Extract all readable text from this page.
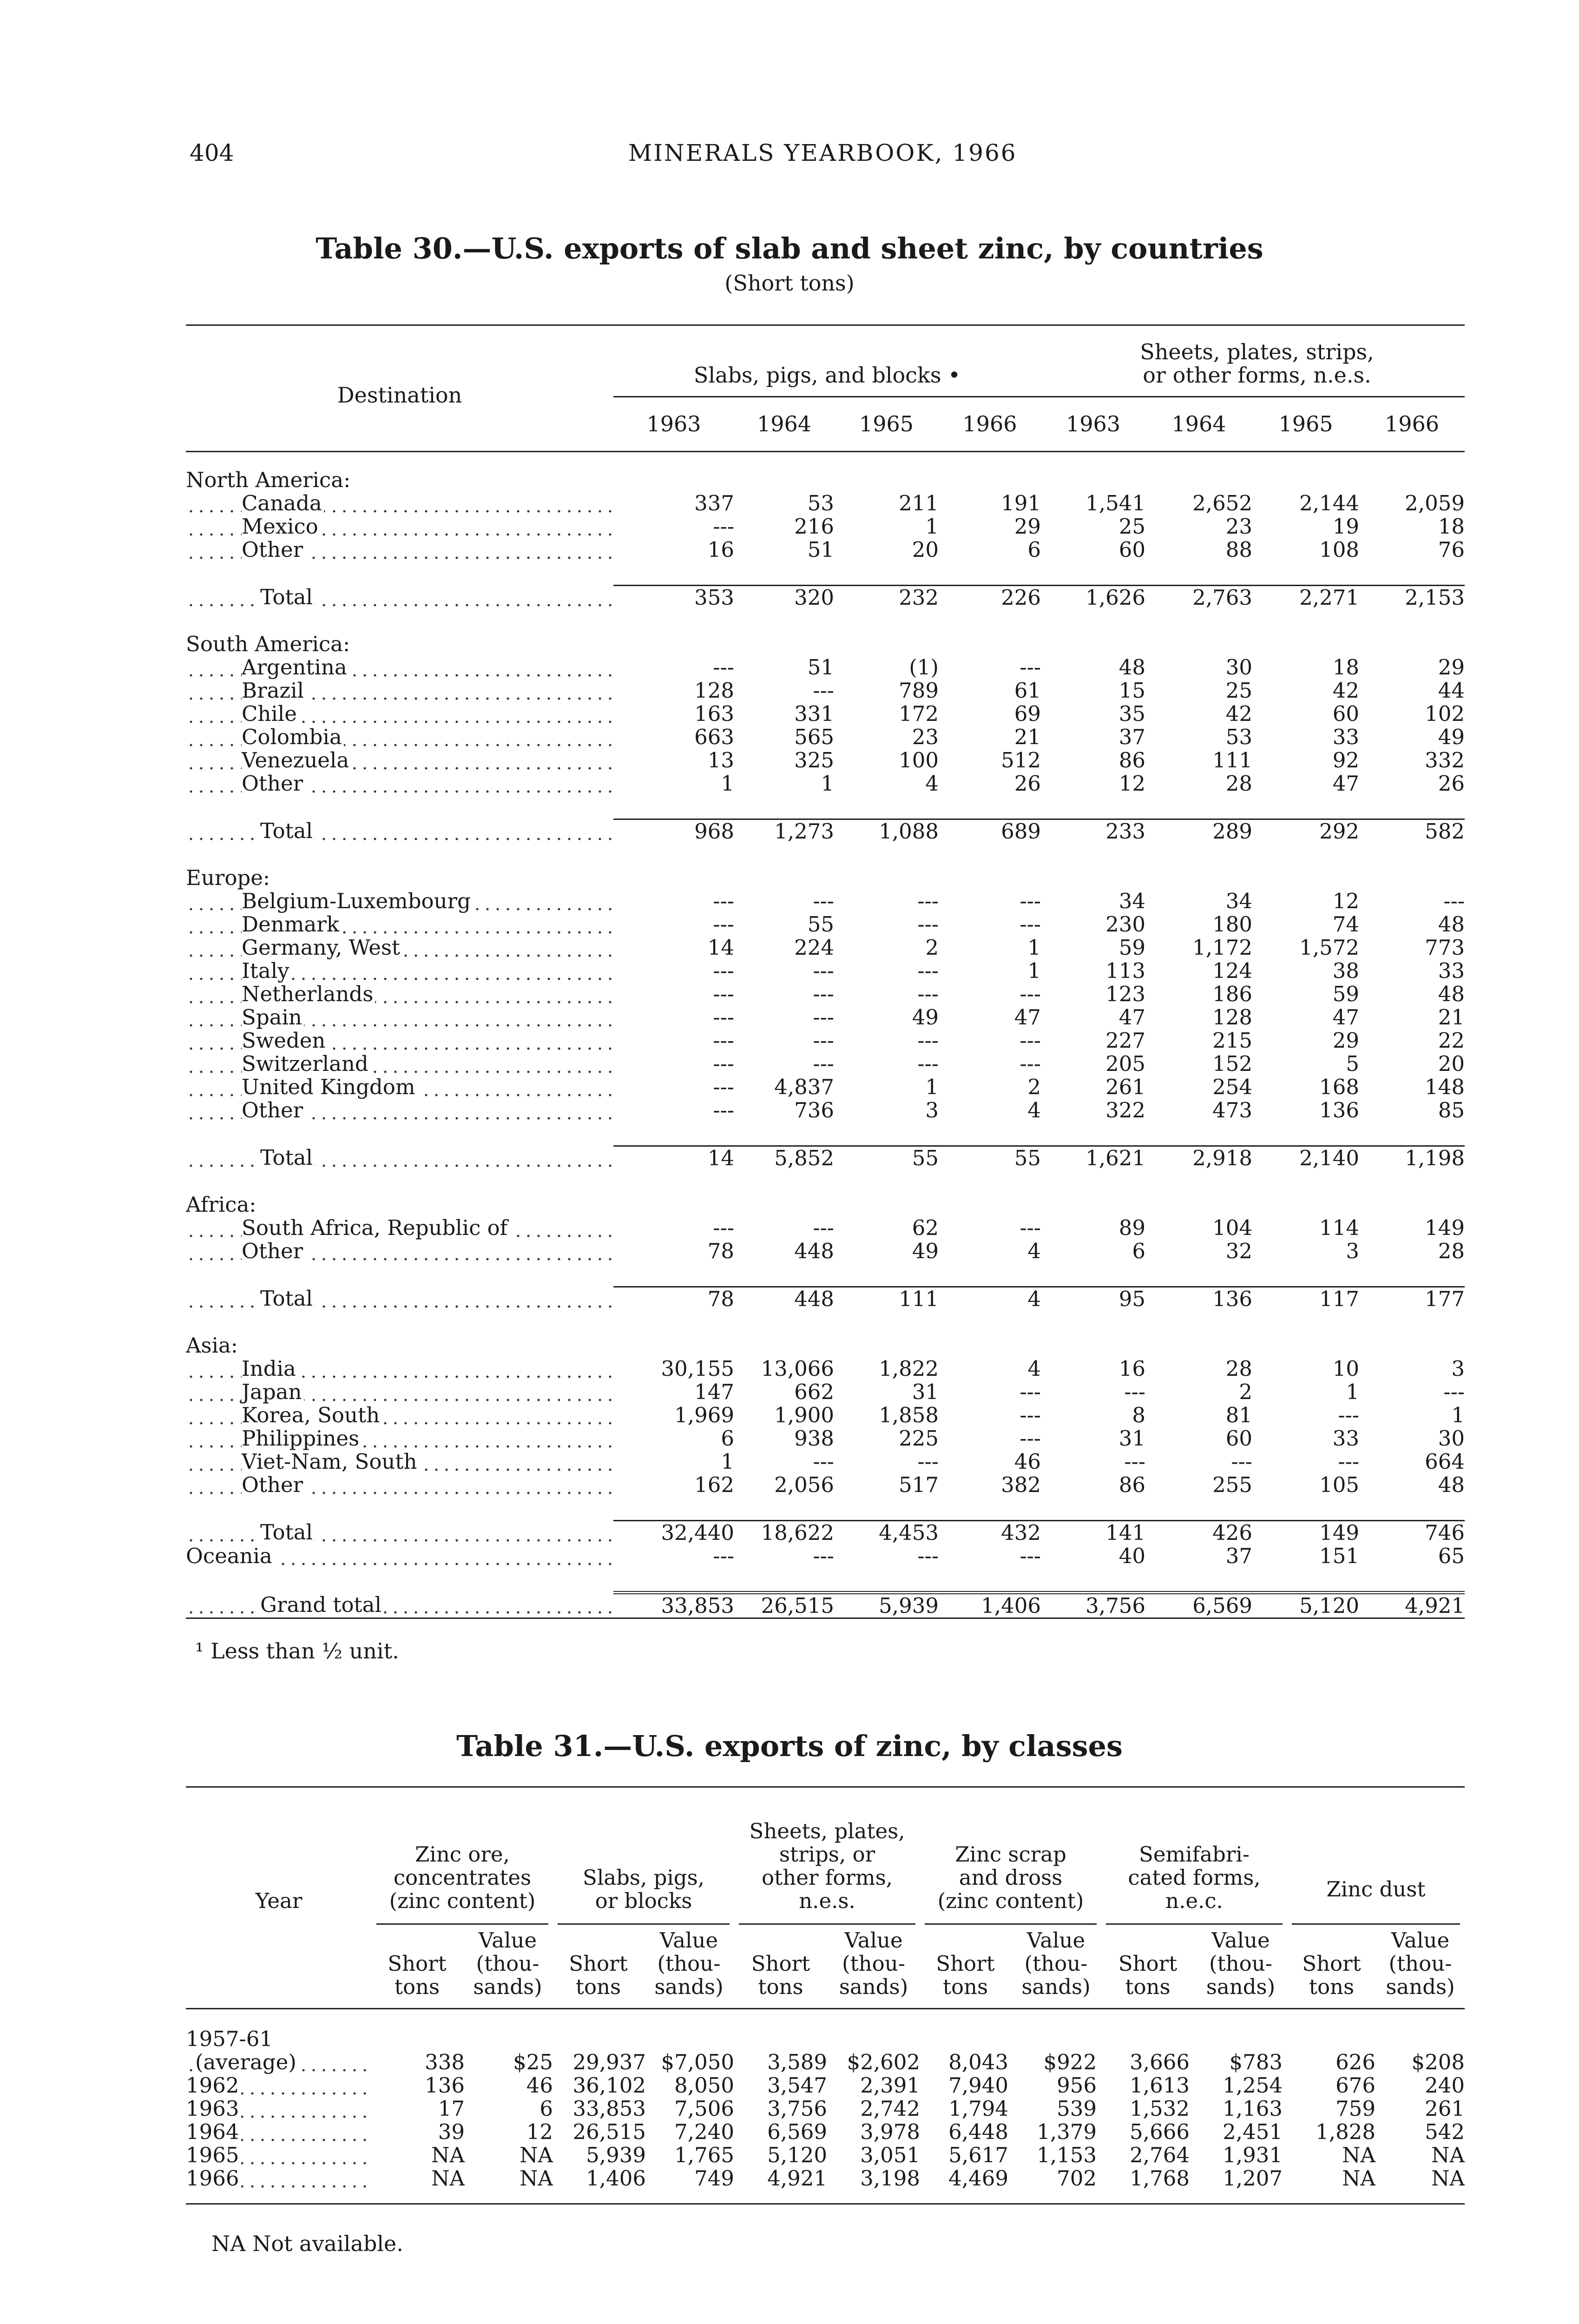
404	MINERALS YEARBOOK, 1966
Table 30.—U.S. exports of slab and sheet zinc, by countries
(Short tons)
Destination
Slabs, pigs, and blocks •
Sheets, plates, strips,
or other forms, n.e.s.
1963	1964	1965	1966	1963	1964	1965	1966
North America:								
Canada	337	53	211	191	1,541	2,652	2,144	2,059
Mexico	---	216	1	29	25	23	19	18
Other	16	51	20	6	60	88	108	76

Total	353	320	232	226	1,626	2,763	2,271	2,153

South America:								
Argentina	---	51	(1)	---	48	30	18	29
Brazil	128	---	789	61	15	25	42	44
Chile	163	331	172	69	35	42	60	102
Colombia	663	565	23	21	37	53	33	49
Venezuela	13	325	100	512	86	111	92	332
Other	1	1	4	26	12	28	47	26

Total	968	1,273	1,088	689	233	289	292	582

Europe:								
Belgium-Luxembourg	---	---	---	---	34	34	12	---
Denmark	---	55	---	---	230	180	74	48
Germany, West	14	224	2	1	59	1,172	1,572	773
Italy	---	---	---	1	113	124	38	33
Netherlands	---	---	---	---	123	186	59	48
Spain	---	---	49	47	47	128	47	21
Sweden	---	---	---	---	227	215	29	22
Switzerland	---	---	---	---	205	152	5	20
United Kingdom	---	4,837	1	2	261	254	168	148
Other	---	736	3	4	322	473	136	85

Total	14	5,852	55	55	1,621	2,918	2,140	1,198

Africa:								
South Africa, Republic of	---	---	62	---	89	104	114	149
Other	78	448	49	4	6	32	3	28

Total	78	448	111	4	95	136	117	177

Asia:								
India	30,155	13,066	1,822	4	16	28	10	3
Japan	147	662	31	---	---	2	1	---
Korea, South	1,969	1,900	1,858	---	8	81	---	1
Philippines	6	938	225	---	31	60	33	30
Viet-Nam, South	1	---	---	46	---	---	---	664
Other	162	2,056	517	382	86	255	105	48

Total	32,440	18,622	4,453	432	141	426	149	746
Oceania	---	---	---	---	40	37	151	65

Grand total	33,853	26,515	5,939	1,406	3,756	6,569	5,120	4,921
¹ Less than ½ unit.
Table 31.—U.S. exports of zinc, by classes
Year
Zinc ore,
concentrates
(zinc content)
Short
tons
Value
(thou-
sands)
Slabs, pigs,
or blocks
Short
tons
Value
(thou-
sands)
Sheets, plates,
strips, or
other forms,
n.e.s.
Short
tons
Value
(thou-
sands)
Zinc scrap
and dross
(zinc content)
Short
tons
Value
(thou-
sands)
Semifabri-
cated forms,
n.e.c.
Short
tons
Value
(thou-
sands)
Zinc dust
Short
tons
Value
(thou-
sands)
1957-61												
(average)	338	$25	29,937	$7,050	3,589	$2,602	8,043	$922	3,666	$783	626	$208
1962	136	46	36,102	8,050	3,547	2,391	7,940	956	1,613	1,254	676	240
1963	17	6	33,853	7,506	3,756	2,742	1,794	539	1,532	1,163	759	261
1964	39	12	26,515	7,240	6,569	3,978	6,448	1,379	5,666	2,451	1,828	542
1965	NA	NA	5,939	1,765	5,120	3,051	5,617	1,153	2,764	1,931	NA	NA
1966	NA	NA	1,406	749	4,921	3,198	4,469	702	1,768	1,207	NA	NA
NA Not available.
